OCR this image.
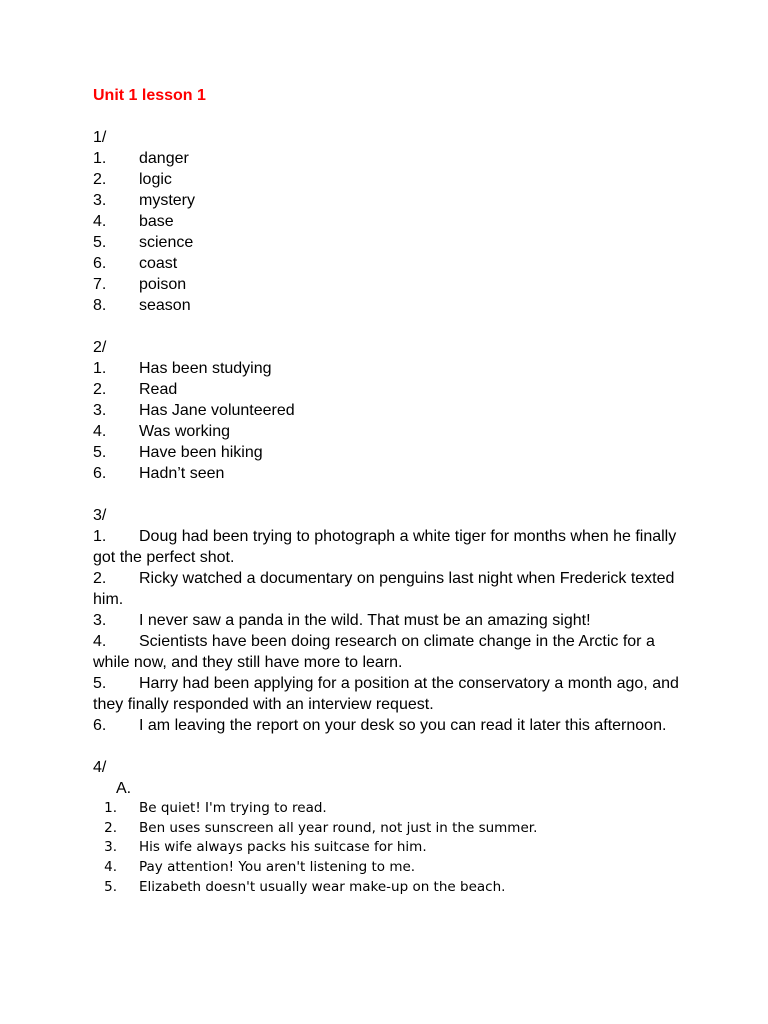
Unit 1 lesson 1

1/

1. danger

2. logic

3. mystery

4. base

5. science

6. coast

7. poison

8. season

2/

1. Has been studying

2. Read

3. Has Jane volunteered

4. Was working

5. Have been hiking

6. Hadn’t seen

3/

1. Doug had been trying to photograph a white tiger for months when he finally got the perfect shot.

2. Ricky watched a documentary on penguins last night when Frederick texted him.

3. I never saw a panda in the wild. That must be an amazing sight!

4. Scientists have been doing research on climate change in the Arctic for a while now, and they still have more to learn.

5. Harry had been applying for a position at the conservatory a month ago, and they finally responded with an interview request.

6. I am leaving the report on your desk so you can read it later this afternoon.

4/

A.

1. Be quiet! I'm trying to read.
2. Ben uses sunscreen all year round, not just in the summer.
3. His wife always packs his suitcase for him.
4. Pay attention! You aren't listening to me.
5. Elizabeth doesn't usually wear make-up on the beach.
